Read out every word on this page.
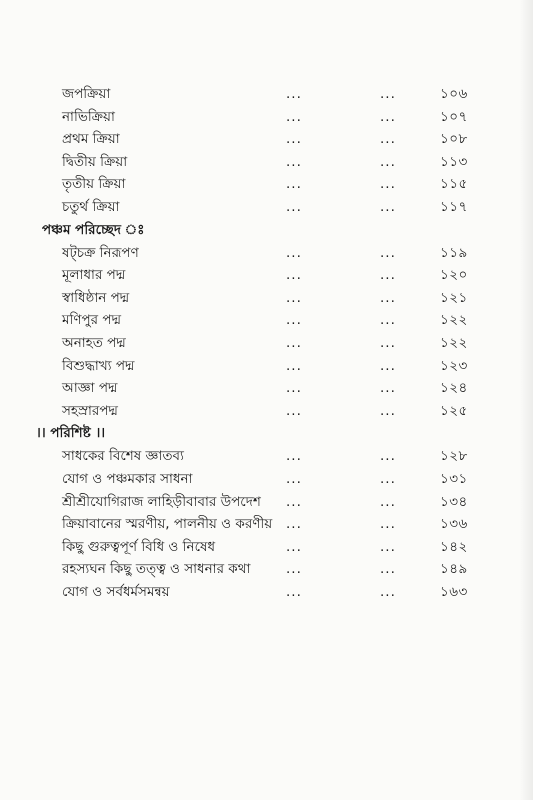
জপক্রিয়া	...	...	১০৬
নাভিক্রিয়া	...	...	১০৭
প্রথম ক্রিয়া	...	...	১০৮
দ্বিতীয় ক্রিয়া	...	...	১১৩
তৃতীয় ক্রিয়া	...	...	১১৫
চতুর্থ ক্রিয়া	...	...	১১৭
পঞ্চম পরিচ্ছেদ ঃ
ষট্‌চক্র নিরূপণ	...	...	১১৯
মূলাধার পদ্ম	...	...	১২০
স্বাধিষ্ঠান পদ্ম	...	...	১২১
মণিপুর পদ্ম	...	...	১২২
অনাহত পদ্ম	...	...	১২২
বিশুদ্ধাখ্য পদ্ম	...	...	১২৩
আজ্ঞা পদ্ম	...	...	১২৪
সহস্রারপদ্ম	...	...	১২৫
।। পরিশিষ্ট ।।
সাধকের বিশেষ জ্ঞাতব্য	...	...	১২৮
যোগ ও পঞ্চমকার সাধনা	...	...	১৩১
শ্রীশ্রীযোগিরাজ লাহিড়ীবাবার উপদেশ ...	...	১৩৪
ক্রিয়াবানের স্মরণীয়, পালনীয় ও করণীয় ...	...	১৩৬
কিছু গুরুত্বপূর্ণ বিধি ও নিষেধ	...	...	১৪২
রহস্যঘন কিছু তত্ত্ব ও সাধনার কথা	...	...	১৪৯
যোগ ও সর্বধর্মসমন্বয়	...	...	১৬৩
